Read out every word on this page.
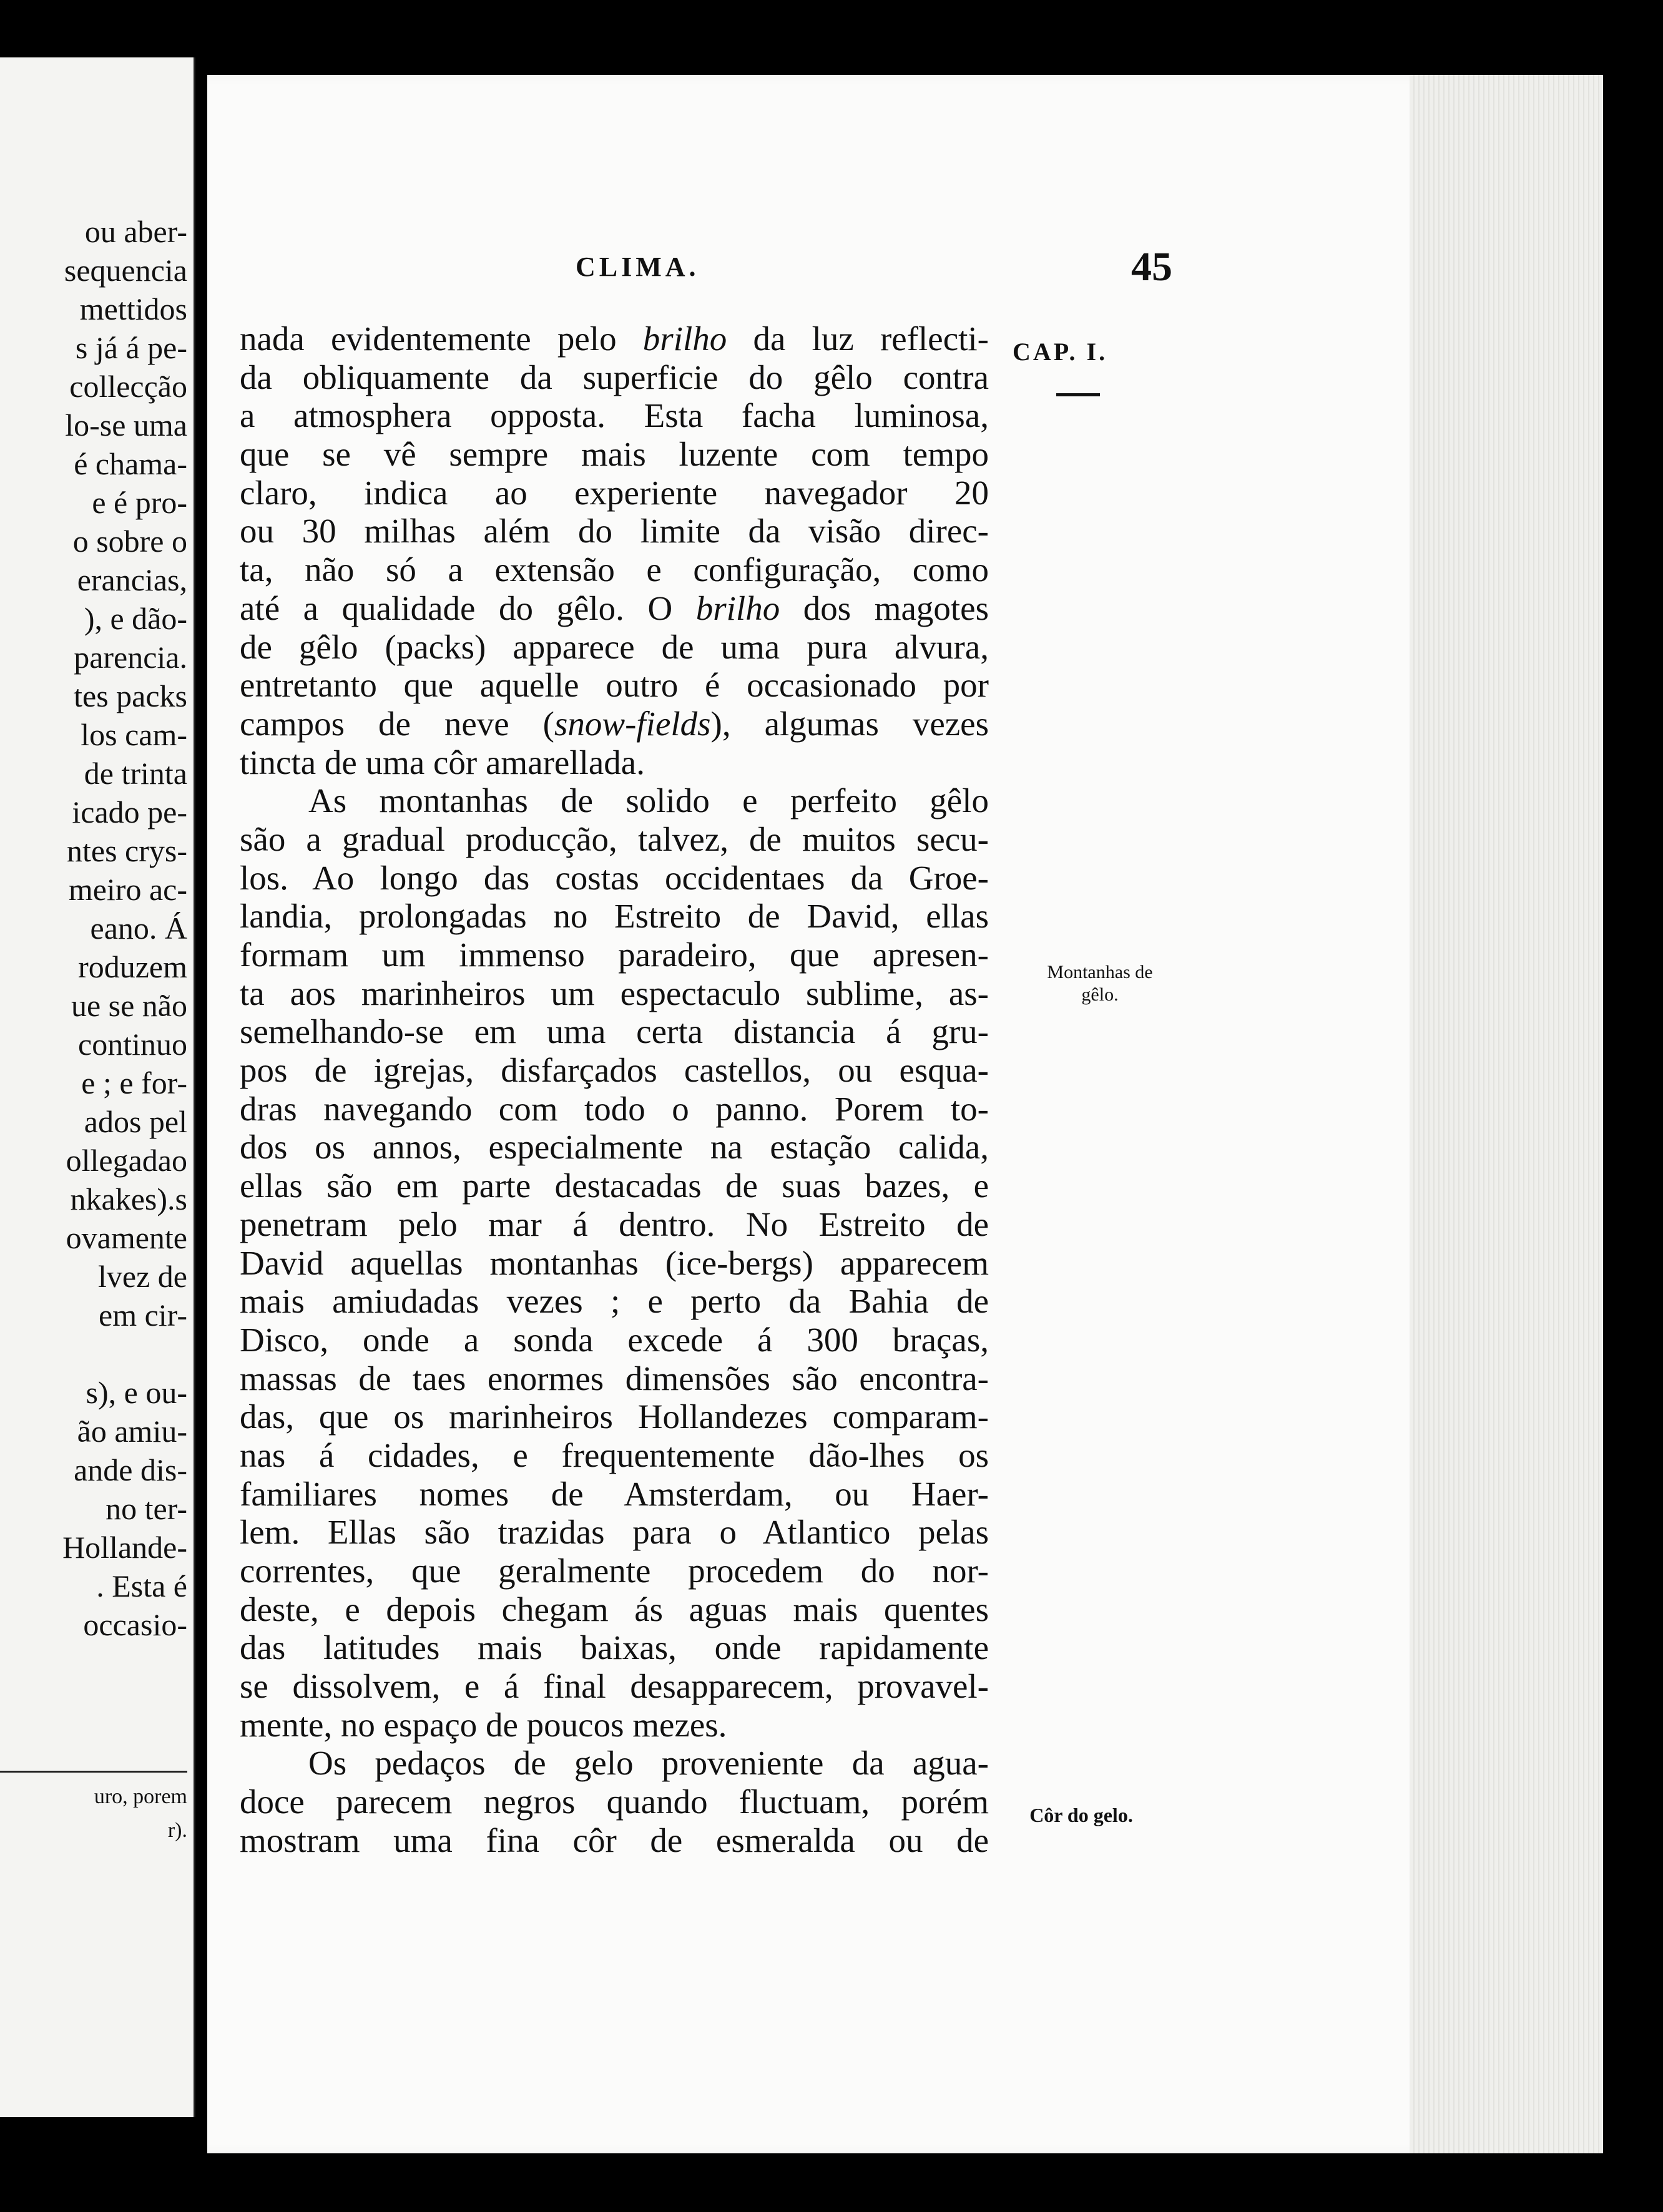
ou aber-
sequencia
mettidos
s já á pe-
collecção
lo-se uma
é chama-
e é pro-
o sobre o
erancias,
), e dão-
parencia.
tes packs
los cam-
de trinta
icado pe-
ntes crys-
meiro ac-
eano. Á
roduzem
ue se não
continuo
e ; e for-
ados pel
ollegadao
nkakes).s
ovamente
lvez de
em cir-
s), e ou-
ão amiu-
ande dis-
no ter-
Hollande-
. Esta é
occasio-
uro, porem
r).
CLIMA.	45
CAP. I.
Montanhas de
gêlo.
Côr do gelo.
nada evidentemente pelo brilho da luz reflecti-
da obliquamente da superficie do gêlo contra
a atmosphera opposta. Esta facha luminosa,
que se vê sempre mais luzente com tempo
claro, indica ao experiente navegador 20
ou 30 milhas além do limite da visão direc-
ta, não só a extensão e configuração, como
até a qualidade do gêlo. O brilho dos magotes
de gêlo (packs) apparece de uma pura alvura,
entretanto que aquelle outro é occasionado por
campos de neve (snow-fields), algumas vezes
tincta de uma côr amarellada.
As montanhas de solido e perfeito gêlo
são a gradual producção, talvez, de muitos secu-
los. Ao longo das costas occidentaes da Groe-
landia, prolongadas no Estreito de David, ellas
formam um immenso paradeiro, que apresen-
ta aos marinheiros um espectaculo sublime, as-
semelhando-se em uma certa distancia á gru-
pos de igrejas, disfarçados castellos, ou esqua-
dras navegando com todo o panno. Porem to-
dos os annos, especialmente na estação calida,
ellas são em parte destacadas de suas bazes, e
penetram pelo mar á dentro. No Estreito de
David aquellas montanhas (ice-bergs) apparecem
mais amiudadas vezes ; e perto da Bahia de
Disco, onde a sonda excede á 300 braças,
massas de taes enormes dimensões são encontra-
das, que os marinheiros Hollandezes comparam-
nas á cidades, e frequentemente dão-lhes os
familiares nomes de Amsterdam, ou Haer-
lem. Ellas são trazidas para o Atlantico pelas
correntes, que geralmente procedem do nor-
deste, e depois chegam ás aguas mais quentes
das latitudes mais baixas, onde rapidamente
se dissolvem, e á final desapparecem, provavel-
mente, no espaço de poucos mezes.
Os pedaços de gelo proveniente da agua-
doce parecem negros quando fluctuam, porém
mostram uma fina côr de esmeralda ou de
